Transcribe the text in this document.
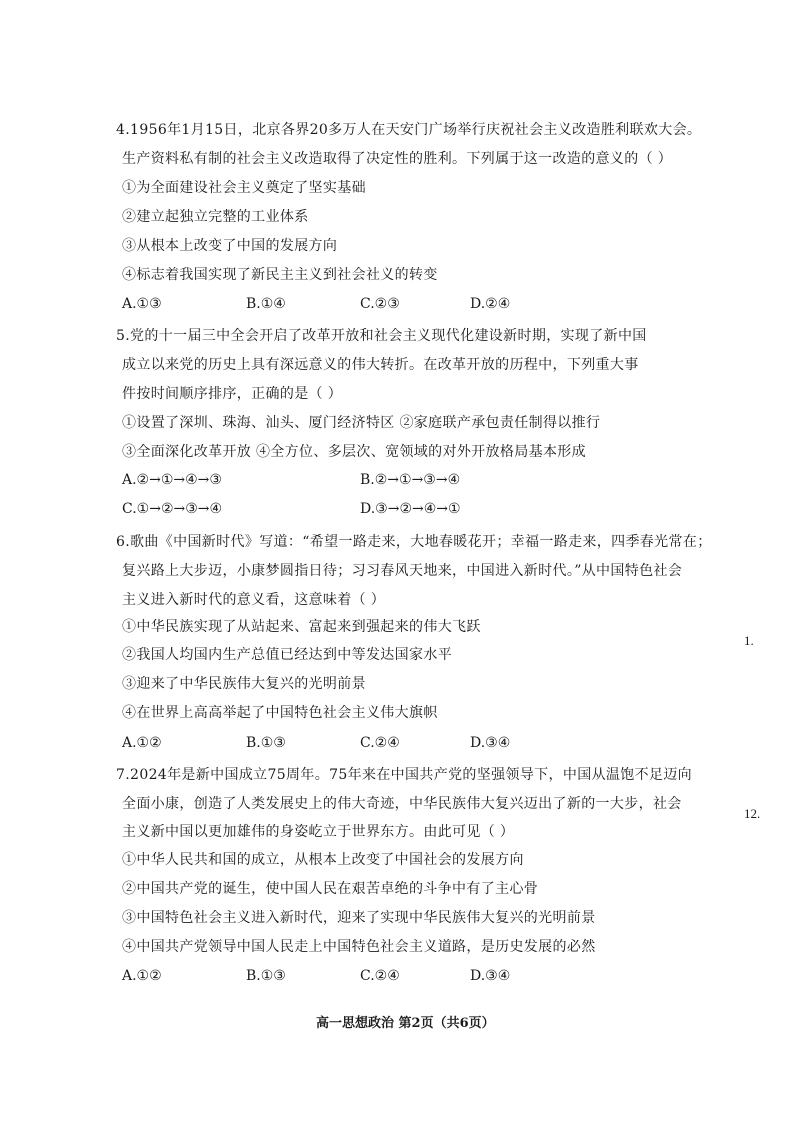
4.1956年1月15日，北京各界20多万人在天安门广场举行庆祝社会主义改造胜利联欢大会。
生产资料私有制的社会主义改造取得了决定性的胜利。下列属于这一改造的意义的（ ）
①为全面建设社会主义奠定了坚实基础
②建立起独立完整的工业体系
③从根本上改变了中国的发展方向
④标志着我国实现了新民主主义到社会社义的转变
A.①③	B.①④	C.②③	D.②④
5.党的十一届三中全会开启了改革开放和社会主义现代化建设新时期，实现了新中国
成立以来党的历史上具有深远意义的伟大转折。在改革开放的历程中，下列重大事
件按时间顺序排序，正确的是（ ）
①设置了深圳、珠海、汕头、厦门经济特区 ②家庭联产承包责任制得以推行
③全面深化改革开放 ④全方位、多层次、宽领域的对外开放格局基本形成
A.②→①→④→③	B.②→①→③→④
C.①→②→③→④	D.③→②→④→①
6.歌曲《中国新时代》写道：“希望一路走来，大地春暖花开；幸福一路走来，四季春光常在；
复兴路上大步迈，小康梦圆指日待；习习春风天地来，中国进入新时代。”从中国特色社会
主义进入新时代的意义看，这意味着（ ）
①中华民族实现了从站起来、富起来到强起来的伟大飞跃
②我国人均国内生产总值已经达到中等发达国家水平
③迎来了中华民族伟大复兴的光明前景
④在世界上高高举起了中国特色社会主义伟大旗帜
A.①②	B.①③	C.②④	D.③④
7.2024年是新中国成立75周年。75年来在中国共产党的坚强领导下，中国从温饱不足迈向
全面小康，创造了人类发展史上的伟大奇迹，中华民族伟大复兴迈出了新的一大步，社会
主义新中国以更加雄伟的身姿屹立于世界东方。由此可见（ ）
①中华人民共和国的成立，从根本上改变了中国社会的发展方向
②中国共产党的诞生，使中国人民在艰苦卓绝的斗争中有了主心骨
③中国特色社会主义进入新时代，迎来了实现中华民族伟大复兴的光明前景
④中国共产党领导中国人民走上中国特色社会主义道路，是历史发展的必然
A.①②	B.①③	C.②④	D.③④
高一思想政治 第2页（共6页）
1.
12.
